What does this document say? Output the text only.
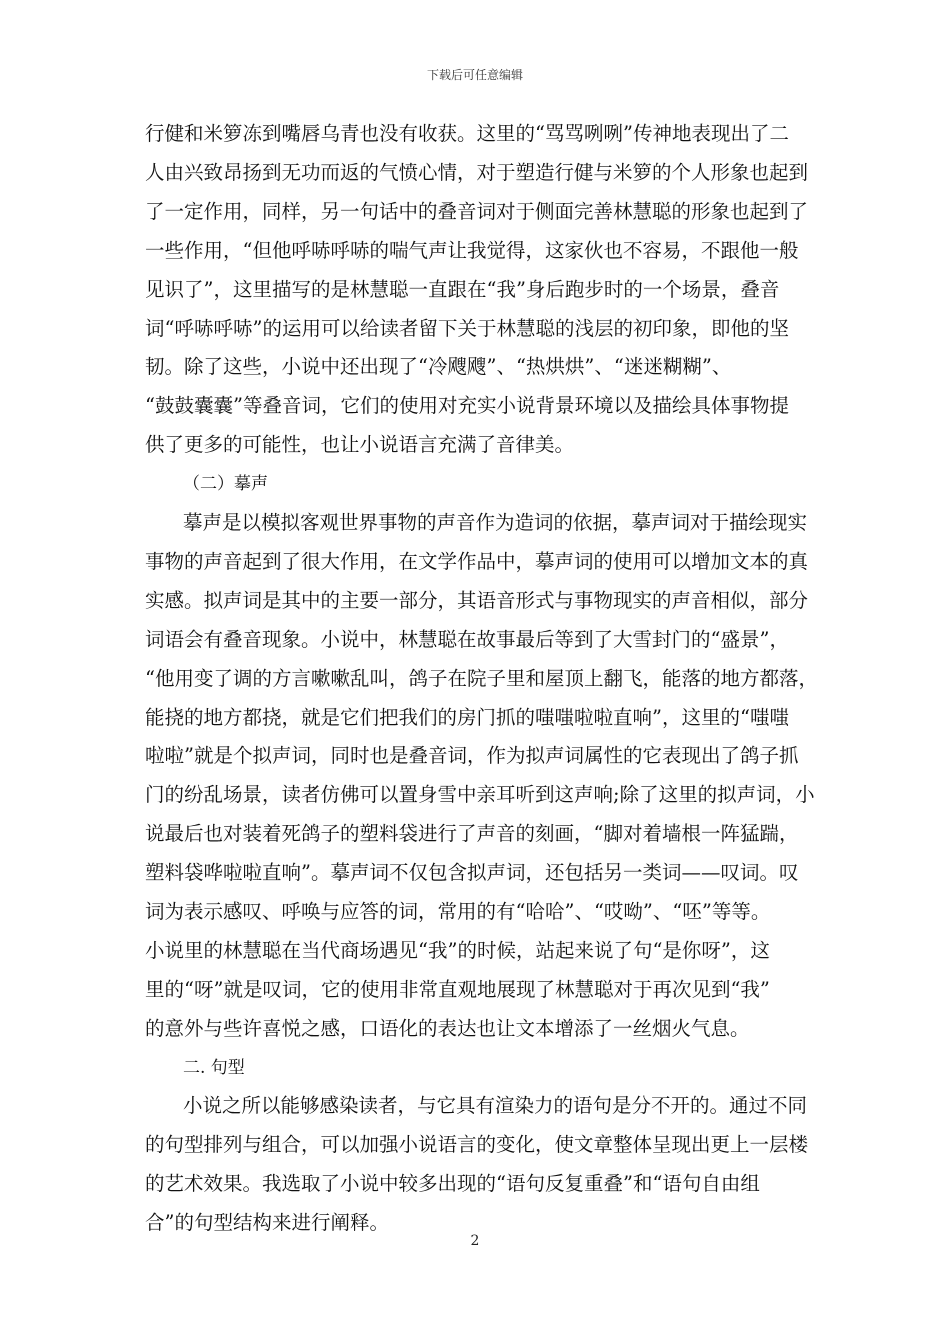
下载后可任意编辑
行健和米箩冻到嘴唇乌青也没有收获。这里的“骂骂咧咧”传神地表现出了二
人由兴致昂扬到无功而返的气愤心情，对于塑造行健与米箩的个人形象也起到
了一定作用，同样，另一句话中的叠音词对于侧面完善林慧聪的形象也起到了
一些作用，“但他呼哧呼哧的喘气声让我觉得，这家伙也不容易，不跟他一般
见识了”，这里描写的是林慧聪一直跟在“我”身后跑步时的一个场景，叠音
词“呼哧呼哧”的运用可以给读者留下关于林慧聪的浅层的初印象，即他的坚
韧。除了这些，小说中还出现了“冷飕飕”、“热烘烘”、“迷迷糊糊”、
“鼓鼓囊囊”等叠音词，它们的使用对充实小说背景环境以及描绘具体事物提
供了更多的可能性，也让小说语言充满了音律美。
（二）摹声
摹声是以模拟客观世界事物的声音作为造词的依据，摹声词对于描绘现实
事物的声音起到了很大作用，在文学作品中，摹声词的使用可以增加文本的真
实感。拟声词是其中的主要一部分，其语音形式与事物现实的声音相似，部分
词语会有叠音现象。小说中，林慧聪在故事最后等到了大雪封门的“盛景”，
“他用变了调的方言嗽嗽乱叫，鸽子在院子里和屋顶上翻飞，能落的地方都落，
能挠的地方都挠，就是它们把我们的房门抓的嗤嗤啦啦直响”，这里的“嗤嗤
啦啦”就是个拟声词，同时也是叠音词，作为拟声词属性的它表现出了鸽子抓
门的纷乱场景，读者仿佛可以置身雪中亲耳听到这声响;除了这里的拟声词，小
说最后也对装着死鸽子的塑料袋进行了声音的刻画，“脚对着墙根一阵猛踹，
塑料袋哗啦啦直响”。摹声词不仅包含拟声词，还包括另一类词——叹词。叹
词为表示感叹、呼唤与应答的词，常用的有“哈哈”、“哎呦”、“呸”等等。
小说里的林慧聪在当代商场遇见“我”的时候，站起来说了句“是你呀”，这
里的“呀”就是叹词，它的使用非常直观地展现了林慧聪对于再次见到“我”
的意外与些许喜悦之感，口语化的表达也让文本增添了一丝烟火气息。
二. 句型
小说之所以能够感染读者，与它具有渲染力的语句是分不开的。通过不同
的句型排列与组合，可以加强小说语言的变化，使文章整体呈现出更上一层楼
的艺术效果。我选取了小说中较多出现的“语句反复重叠”和“语句自由组
合”的句型结构来进行阐释。
2
